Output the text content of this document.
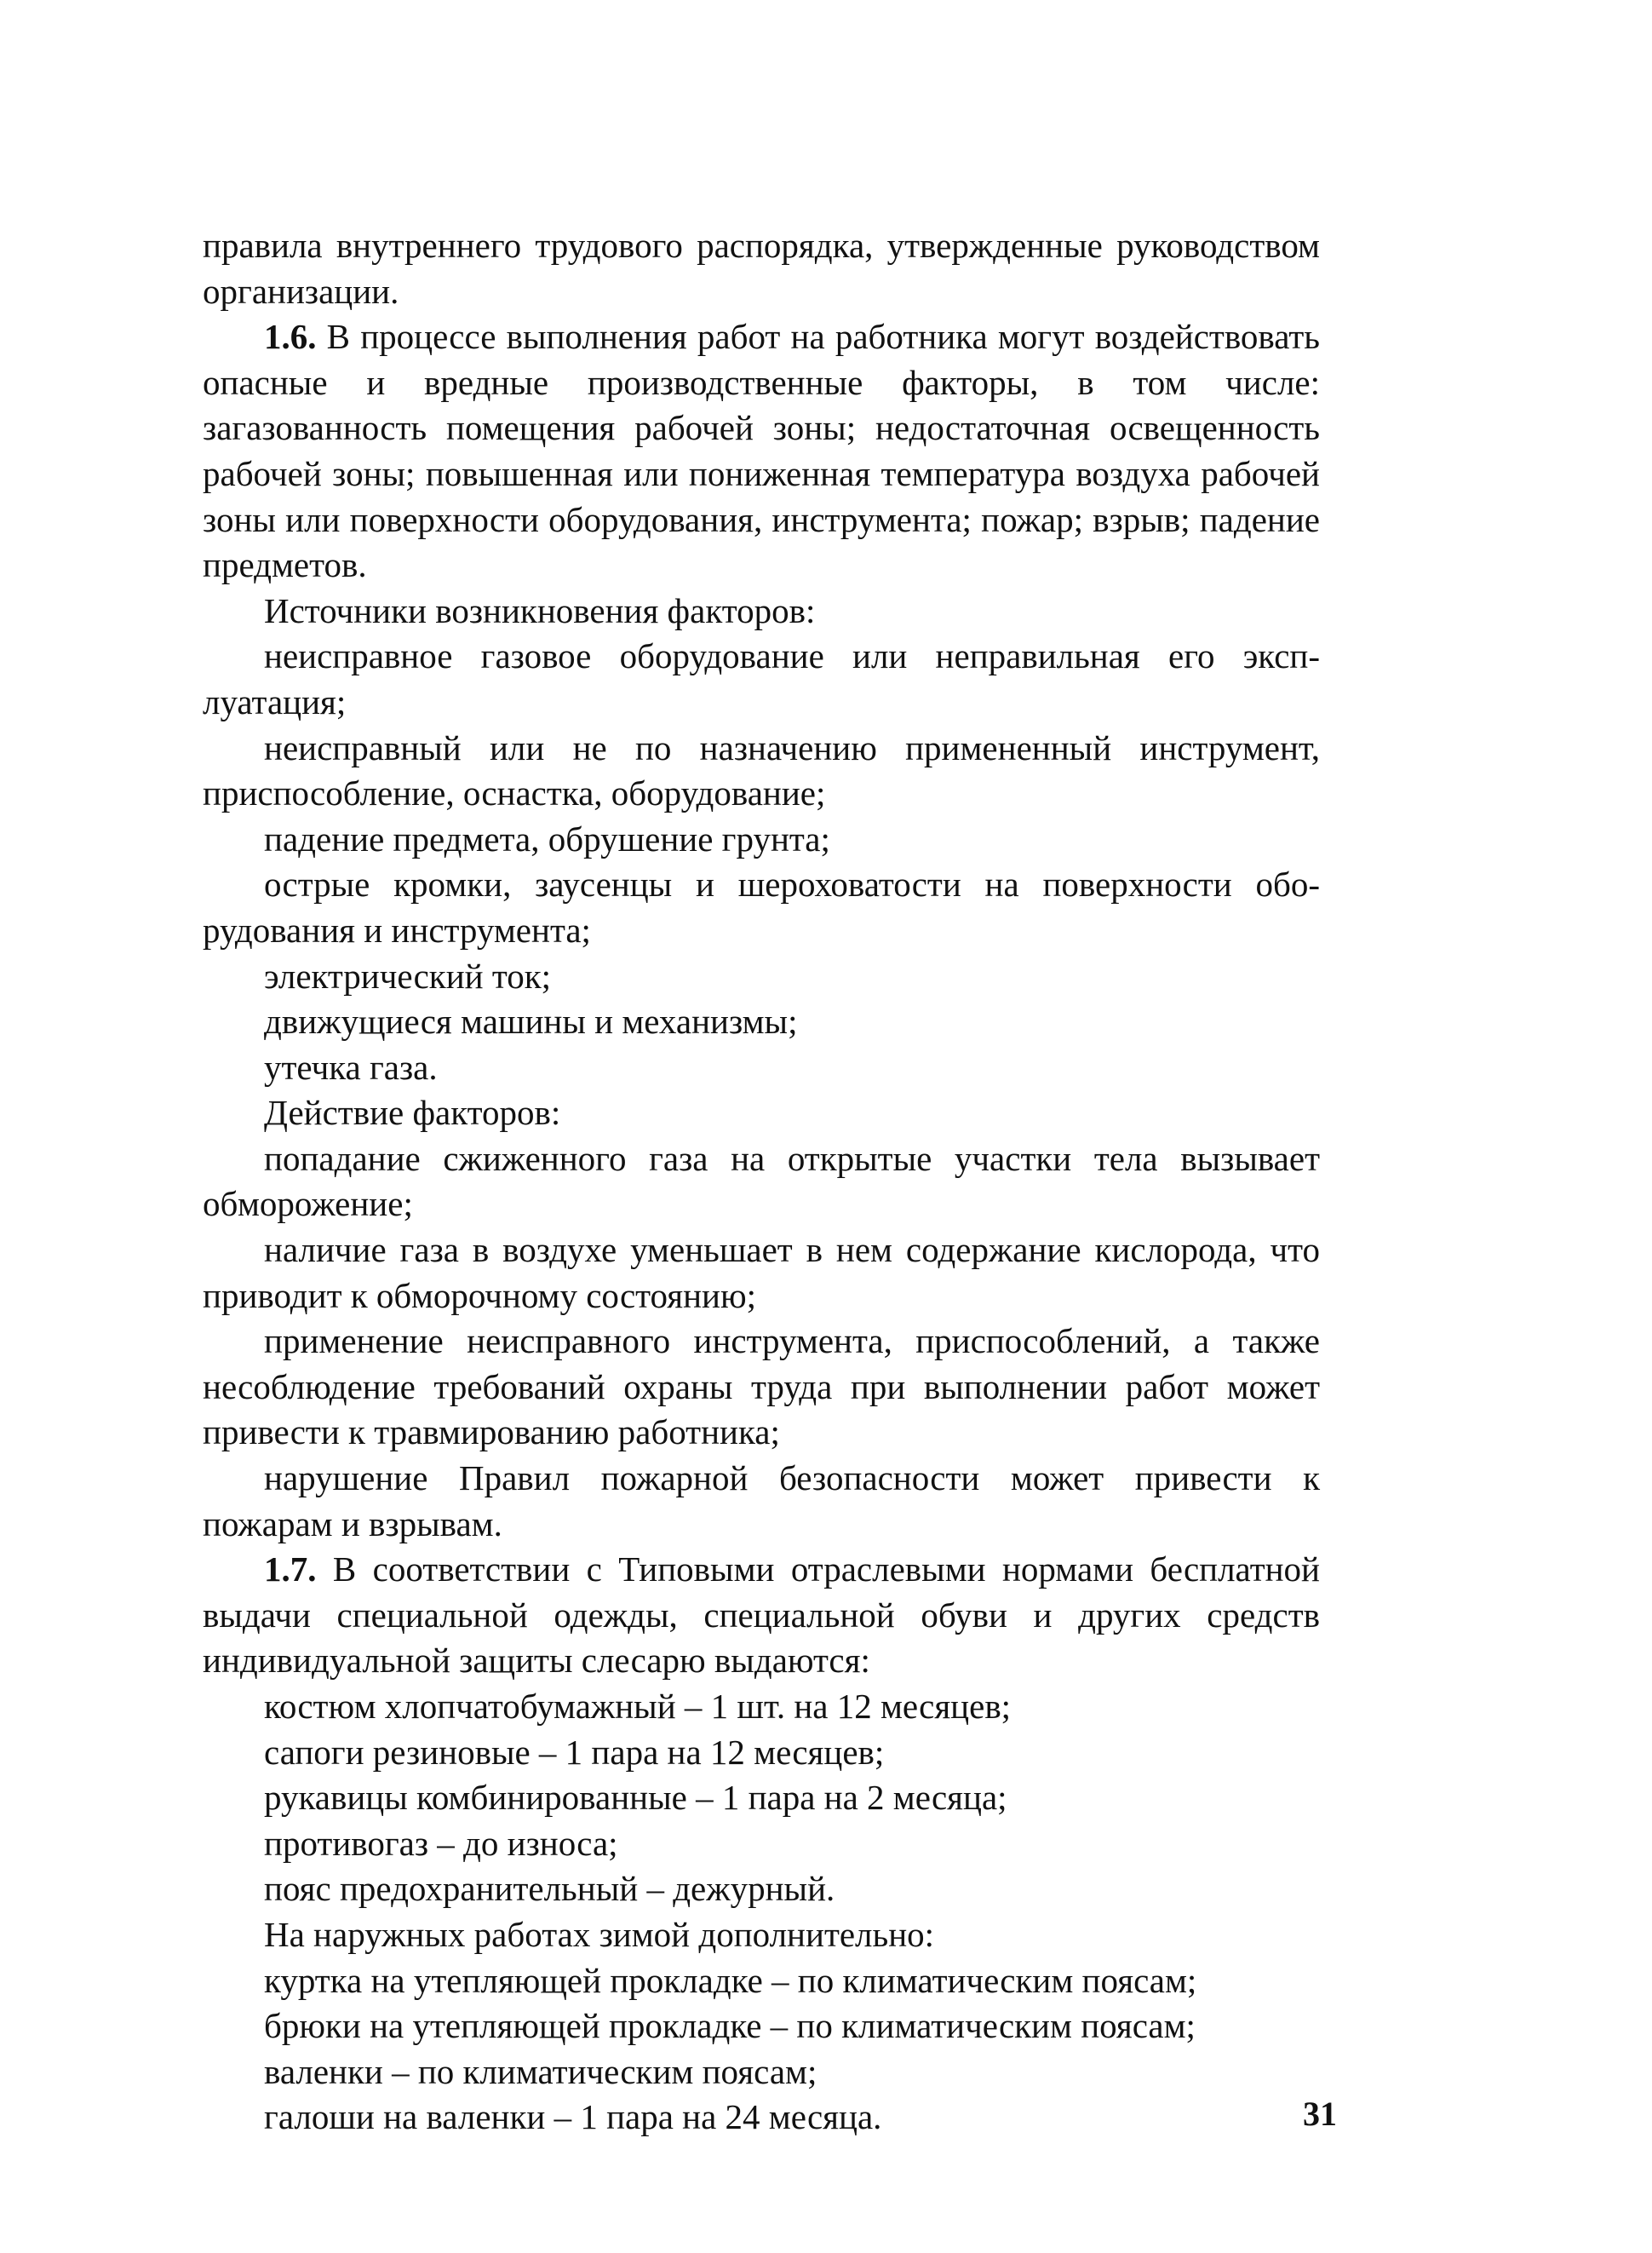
правила внутреннего трудового распорядка, утвержденные руководством организации.

1.6. В процессе выполнения работ на работника могут воздействовать опасные и вредные производственные факторы, в том числе: загазованность помещения рабочей зоны; недостаточная освещенность рабочей зоны; повышенная или пониженная температура воздуха рабочей зоны или поверхности оборудования, инструмента; пожар; взрыв; падение предметов.

Источники возникновения факторов:

неисправное газовое оборудование или неправильная его эксплуатация;

неисправный или не по назначению примененный инструмент, приспособление, оснастка, оборудование;

падение предмета, обрушение грунта;

острые кромки, заусенцы и шероховатости на поверхности оборудования и инструмента;

электрический ток;

движущиеся машины и механизмы;

утечка газа.

Действие факторов:

попадание сжиженного газа на открытые участки тела вызывает обморожение;

наличие газа в воздухе уменьшает в нем содержание кислорода, что приводит к обморочному состоянию;

применение неисправного инструмента, приспособлений, а также несоблюдение требований охраны труда при выполнении работ может привести к травмированию работника;

нарушение Правил пожарной безопасности может привести к пожарам и взрывам.

1.7. В соответствии с Типовыми отраслевыми нормами бесплатной выдачи специальной одежды, специальной обуви и других средств индивидуальной защиты слесарю выдаются:

костюм хлопчатобумажный – 1 шт. на 12 месяцев;

сапоги резиновые – 1 пара на 12 месяцев;

рукавицы комбинированные – 1 пара на 2 месяца;

противогаз – до износа;

пояс предохранительный – дежурный.

На наружных работах зимой дополнительно:

куртка на утепляющей прокладке – по климатическим поясам;

брюки на утепляющей прокладке – по климатическим поясам;

валенки – по климатическим поясам;

галоши на валенки – 1 пара на 24 месяца.	31
